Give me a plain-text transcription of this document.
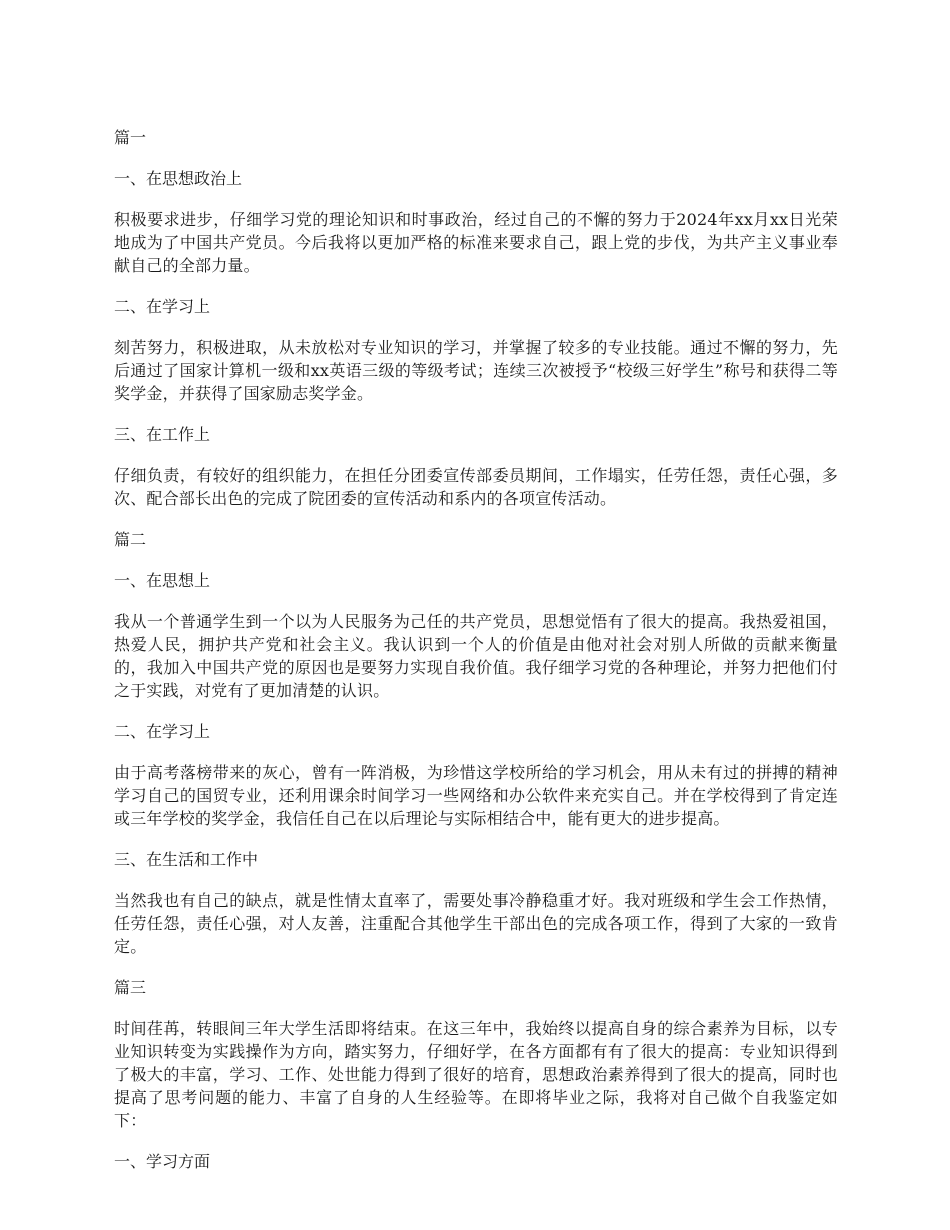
篇一
一、在思想政治上
积极要求进步，仔细学习党的理论知识和时事政治，经过自己的不懈的努力于2024年xx月xx日光荣地成为了中国共产党员。今后我将以更加严格的标准来要求自己，跟上党的步伐，为共产主义事业奉献自己的全部力量。
二、在学习上
刻苦努力，积极进取，从未放松对专业知识的学习，并掌握了较多的专业技能。通过不懈的努力，先后通过了国家计算机一级和xx英语三级的等级考试；连续三次被授予“校级三好学生”称号和获得二等奖学金，并获得了国家励志奖学金。
三、在工作上
仔细负责，有较好的组织能力，在担任分团委宣传部委员期间，工作塌实，任劳任怨，责任心强，多次、配合部长出色的完成了院团委的宣传活动和系内的各项宣传活动。
篇二
一、在思想上
我从一个普通学生到一个以为人民服务为己任的共产党员，思想觉悟有了很大的提高。我热爱祖国，热爱人民，拥护共产党和社会主义。我认识到一个人的价值是由他对社会对别人所做的贡献来衡量的，我加入中国共产党的原因也是要努力实现自我价值。我仔细学习党的各种理论，并努力把他们付之于实践，对党有了更加清楚的认识。
二、在学习上
由于高考落榜带来的灰心，曾有一阵消极，为珍惜这学校所给的学习机会，用从未有过的拼搏的精神学习自己的国贸专业，还利用课余时间学习一些网络和办公软件来充实自己。并在学校得到了肯定连或三年学校的奖学金，我信任自己在以后理论与实际相结合中，能有更大的进步提高。
三、在生活和工作中
当然我也有自己的缺点，就是性情太直率了，需要处事冷静稳重才好。我对班级和学生会工作热情，任劳任怨，责任心强，对人友善，注重配合其他学生干部出色的完成各项工作，得到了大家的一致肯定。
篇三
时间荏苒，转眼间三年大学生活即将结束。在这三年中，我始终以提高自身的综合素养为目标，以专业知识转变为实践操作为方向，踏实努力，仔细好学，在各方面都有有了很大的提高：专业知识得到了极大的丰富，学习、工作、处世能力得到了很好的培育，思想政治素养得到了很大的提高，同时也提高了思考问题的能力、丰富了自身的人生经验等。在即将毕业之际，我将对自己做个自我鉴定如下：
一、学习方面
